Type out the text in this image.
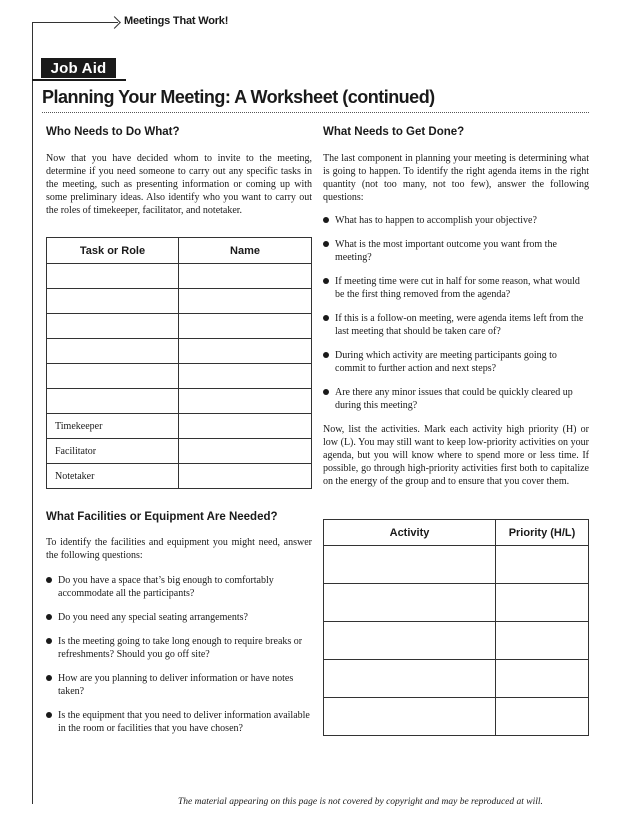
Meetings That Work!
Job Aid
Planning Your Meeting: A Worksheet (continued)
Who Needs to Do What?

Now that you have decided whom to invite to the meeting, determine if you need someone to carry out any specific tasks in the meeting, such as presenting information or coming up with some preliminary ideas. Also identify who you want to carry out the roles of timekeeper, facilitator, and notetaker.

Task or Role	Name

Timekeeper	
Facilitator	
Notetaker	
What Facilities or Equipment Are Needed?

To identify the facilities and equipment you might need, answer the following questions:

Do you have a space that’s big enough to comfortably accommodate all the participants?
Do you need any special seating arrangements?
Is the meeting going to take long enough to require breaks or refreshments? Should you go off site?
How are you planning to deliver information or have notes taken?
Is the equipment that you need to deliver information available in the room or facilities that you have chosen?
What Needs to Get Done?

The last component in planning your meeting is determining what is going to happen. To identify the right agenda items in the right quantity (not too many, not too few), answer the following questions:

What has to happen to accomplish your objective?
What is the most important outcome you want from the meeting?
If meeting time were cut in half for some reason, what would be the first thing removed from the agenda?
If this is a follow-on meeting, were agenda items left from the last meeting that should be taken care of?
During which activity are meeting participants going to commit to further action and next steps?
Are there any minor issues that could be quickly cleared up during this meeting?

Now, list the activities. Mark each activity high priority (H) or low (L). You may still want to keep low-priority activities on your agenda, but you will know where to spend more or less time. If possible, go through high-priority activities first both to capitalize on the energy of the group and to ensure that you cover them.

Activity	Priority (H/L)

The material appearing on this page is not covered by copyright and may be reproduced at will.
